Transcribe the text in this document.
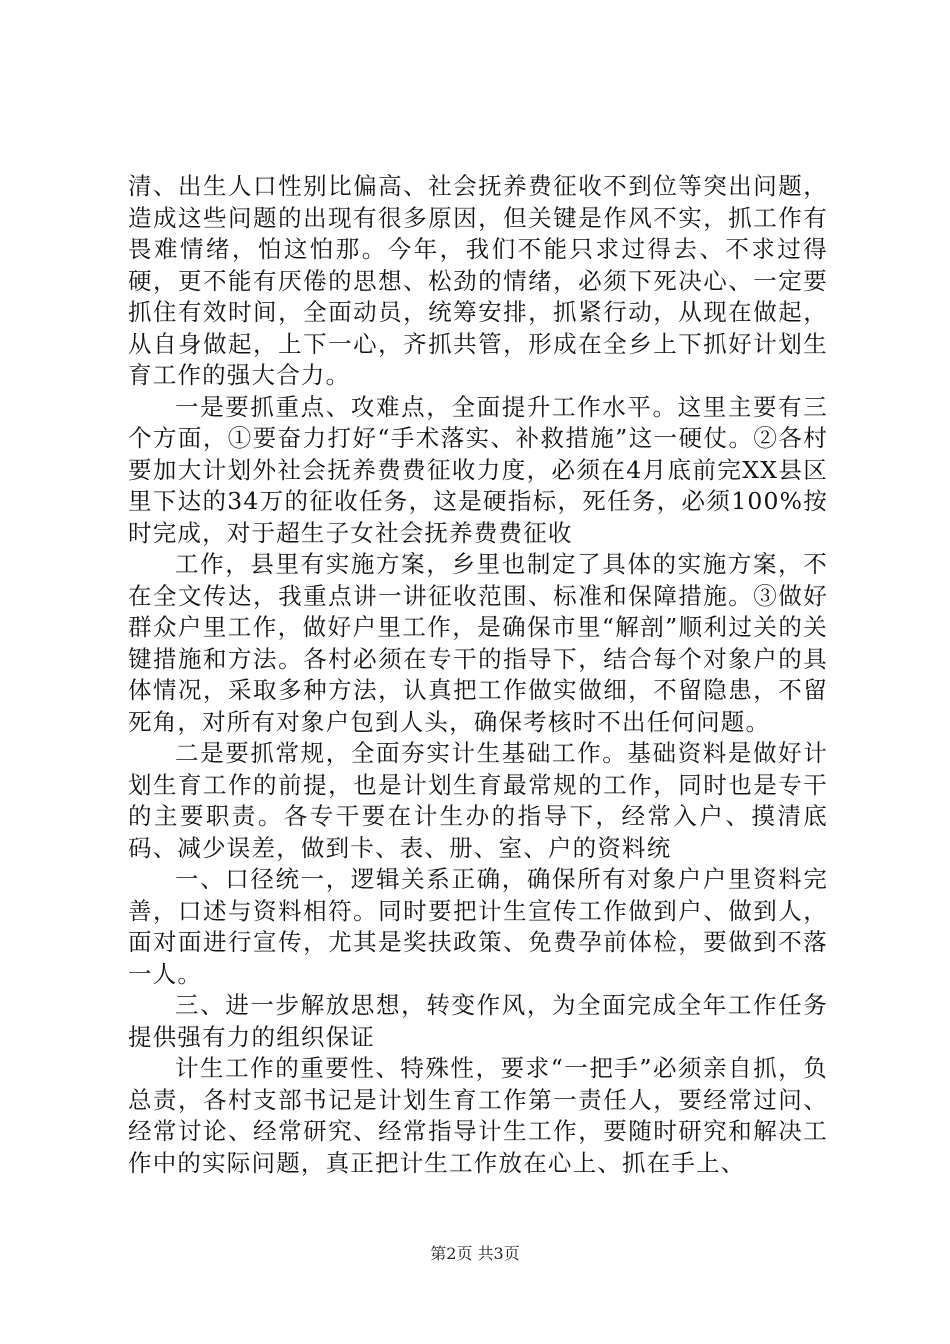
清、出生人口性别比偏高、社会抚养费征收不到位等突出问题，造成这些问题的出现有很多原因，但关键是作风不实，抓工作有畏难情绪，怕这怕那。今年，我们不能只求过得去、不求过得硬，更不能有厌倦的思想、松劲的情绪，必须下死决心、一定要抓住有效时间，全面动员，统筹安排，抓紧行动，从现在做起，从自身做起，上下一心，齐抓共管，形成在全乡上下抓好计划生育工作的强大合力。

一是要抓重点、攻难点，全面提升工作水平。这里主要有三个方面，①要奋力打好“手术落实、补救措施”这一硬仗。②各村要加大计划外社会抚养费费征收力度，必须在4月底前完XX县区里下达的34万的征收任务，这是硬指标，死任务，必须100%按时完成，对于超生子女社会抚养费费征收

工作，县里有实施方案，乡里也制定了具体的实施方案，不在全文传达，我重点讲一讲征收范围、标准和保障措施。③做好群众户里工作，做好户里工作，是确保市里“解剖”顺利过关的关键措施和方法。各村必须在专干的指导下，结合每个对象户的具体情况，采取多种方法，认真把工作做实做细，不留隐患，不留死角，对所有对象户包到人头，确保考核时不出任何问题。

二是要抓常规，全面夯实计生基础工作。基础资料是做好计划生育工作的前提，也是计划生育最常规的工作，同时也是专干的主要职责。各专干要在计生办的指导下，经常入户、摸清底码、减少误差，做到卡、表、册、室、户的资料统

一、口径统一，逻辑关系正确，确保所有对象户户里资料完善，口述与资料相符。同时要把计生宣传工作做到户、做到人，面对面进行宣传，尤其是奖扶政策、免费孕前体检，要做到不落一人。

三、进一步解放思想，转变作风，为全面完成全年工作任务提供强有力的组织保证

计生工作的重要性、特殊性，要求“一把手”必须亲自抓，负总责，各村支部书记是计划生育工作第一责任人，要经常过问、经常讨论、经常研究、经常指导计生工作，要随时研究和解决工作中的实际问题，真正把计生工作放在心上、抓在手上、

第2页 共3页
